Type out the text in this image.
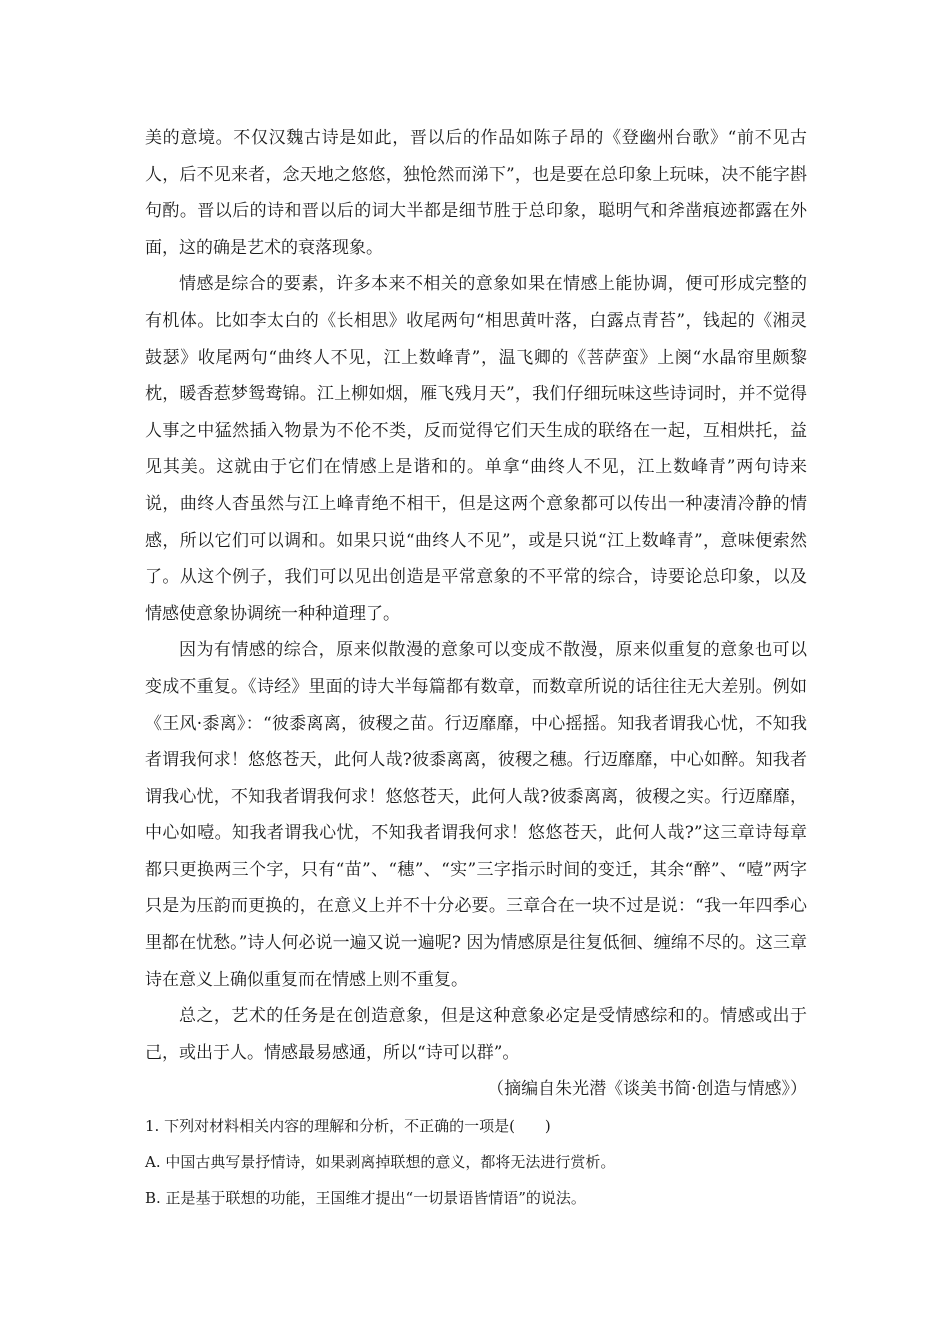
美的意境。不仅汉魏古诗是如此，晋以后的作品如陈子昂的《登幽州台歌》“前不见古人，后不见来者，念天地之悠悠，独怆然而涕下”，也是要在总印象上玩味，决不能字斟句酌。晋以后的诗和晋以后的词大半都是细节胜于总印象，聪明气和斧凿痕迹都露在外面，这的确是艺术的衰落现象。

情感是综合的要素，许多本来不相关的意象如果在情感上能协调，便可形成完整的有机体。比如李太白的《长相思》收尾两句“相思黄叶落，白露点青苔”，钱起的《湘灵鼓瑟》收尾两句“曲终人不见，江上数峰青”，温飞卿的《菩萨蛮》上阕“水晶帘里颇黎枕，暖香惹梦鸳鸯锦。江上柳如烟，雁飞残月天”，我们仔细玩味这些诗词时，并不觉得人事之中猛然插入物景为不伦不类，反而觉得它们天生成的联络在一起，互相烘托，益见其美。这就由于它们在情感上是谐和的。单拿“曲终人不见，江上数峰青”两句诗来说，曲终人杳虽然与江上峰青绝不相干，但是这两个意象都可以传出一种凄清冷静的情感，所以它们可以调和。如果只说“曲终人不见”，或是只说“江上数峰青”，意味便索然了。从这个例子，我们可以见出创造是平常意象的不平常的综合，诗要论总印象，以及情感使意象协调统一种种道理了。

因为有情感的综合，原来似散漫的意象可以变成不散漫，原来似重复的意象也可以变成不重复。《诗经》里面的诗大半每篇都有数章，而数章所说的话往往无大差别。例如《王风·黍离》：“彼黍离离，彼稷之苗。行迈靡靡，中心摇摇。知我者谓我心忧，不知我者谓我何求！悠悠苍天，此何人哉?彼黍离离，彼稷之穗。行迈靡靡，中心如醉。知我者谓我心忧，不知我者谓我何求！悠悠苍天，此何人哉?彼黍离离，彼稷之实。行迈靡靡，中心如噎。知我者谓我心忧，不知我者谓我何求！悠悠苍天，此何人哉?”这三章诗每章都只更换两三个字，只有“苗”、“穗”、“实”三字指示时间的变迁，其余“醉”、“噎”两字只是为压韵而更换的，在意义上并不十分必要。三章合在一块不过是说：“我一年四季心里都在忧愁。”诗人何必说一遍又说一遍呢? 因为情感原是往复低徊、缠绵不尽的。这三章诗在意义上确似重复而在情感上则不重复。

总之，艺术的任务是在创造意象，但是这种意象必定是受情感综和的。情感或出于己，或出于人。情感最易感通，所以“诗可以群”。

（摘编自朱光潜《谈美书简·创造与情感》）

1. 下列对材料相关内容的理解和分析，不正确的一项是(　　)

A. 中国古典写景抒情诗，如果剥离掉联想的意义，都将无法进行赏析。

B. 正是基于联想的功能，王国维才提出“一切景语皆情语”的说法。
